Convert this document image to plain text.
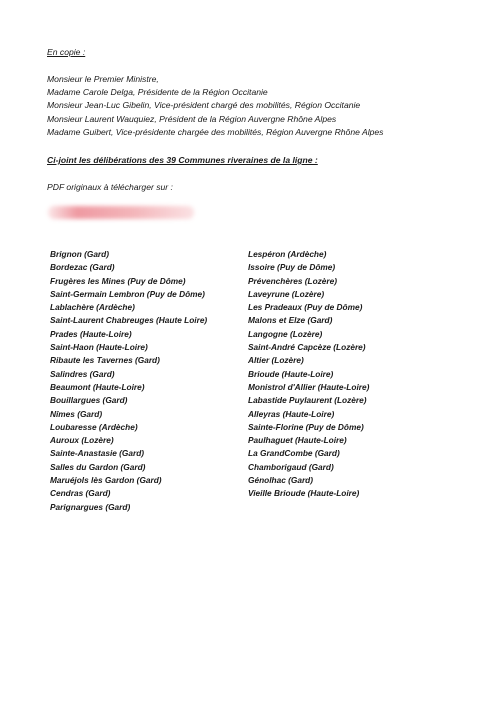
En copie :
Monsieur le Premier Ministre,
Madame Carole Delga, Présidente de la Région Occitanie
Monsieur Jean-Luc Gibelin, Vice-président chargé des mobilités, Région Occitanie
Monsieur Laurent Wauquiez, Président de la Région Auvergne Rhône Alpes
Madame Guibert, Vice-présidente chargée des mobilités, Région Auvergne Rhône Alpes
Ci-joint les délibérations des 39 Communes riveraines de la ligne :
PDF originaux à télécharger sur :
Brignon (Gard)
Bordezac (Gard)
Frugères les Mines (Puy de Dôme)
Saint-Germain Lembron (Puy de Dôme)
Lablachère (Ardèche)
Saint-Laurent Chabreuges (Haute Loire)
Prades (Haute-Loire)
Saint-Haon (Haute-Loire)
Ribaute les Tavernes (Gard)
Salindres (Gard)
Beaumont (Haute-Loire)
Bouillargues (Gard)
Nîmes (Gard)
Loubaresse (Ardèche)
Auroux (Lozère)
Sainte-Anastasie (Gard)
Salles du Gardon (Gard)
Maruéjols lès Gardon (Gard)
Cendras (Gard)
Parignargues (Gard)
Lespéron (Ardèche)
Issoire (Puy de Dôme)
Prévenchères (Lozère)
Laveyrune (Lozère)
Les Pradeaux (Puy de Dôme)
Malons et Elze (Gard)
Langogne (Lozère)
Saint-André Capcèze (Lozère)
Altier (Lozère)
Brioude (Haute-Loire)
Monistrol d'Allier (Haute-Loire)
Labastide Puylaurent (Lozère)
Alleyras (Haute-Loire)
Sainte-Florine (Puy de Dôme)
Paulhaguet (Haute-Loire)
La GrandCombe (Gard)
Chamborigaud (Gard)
Génolhac (Gard)
Vieille Brioude (Haute-Loire)
